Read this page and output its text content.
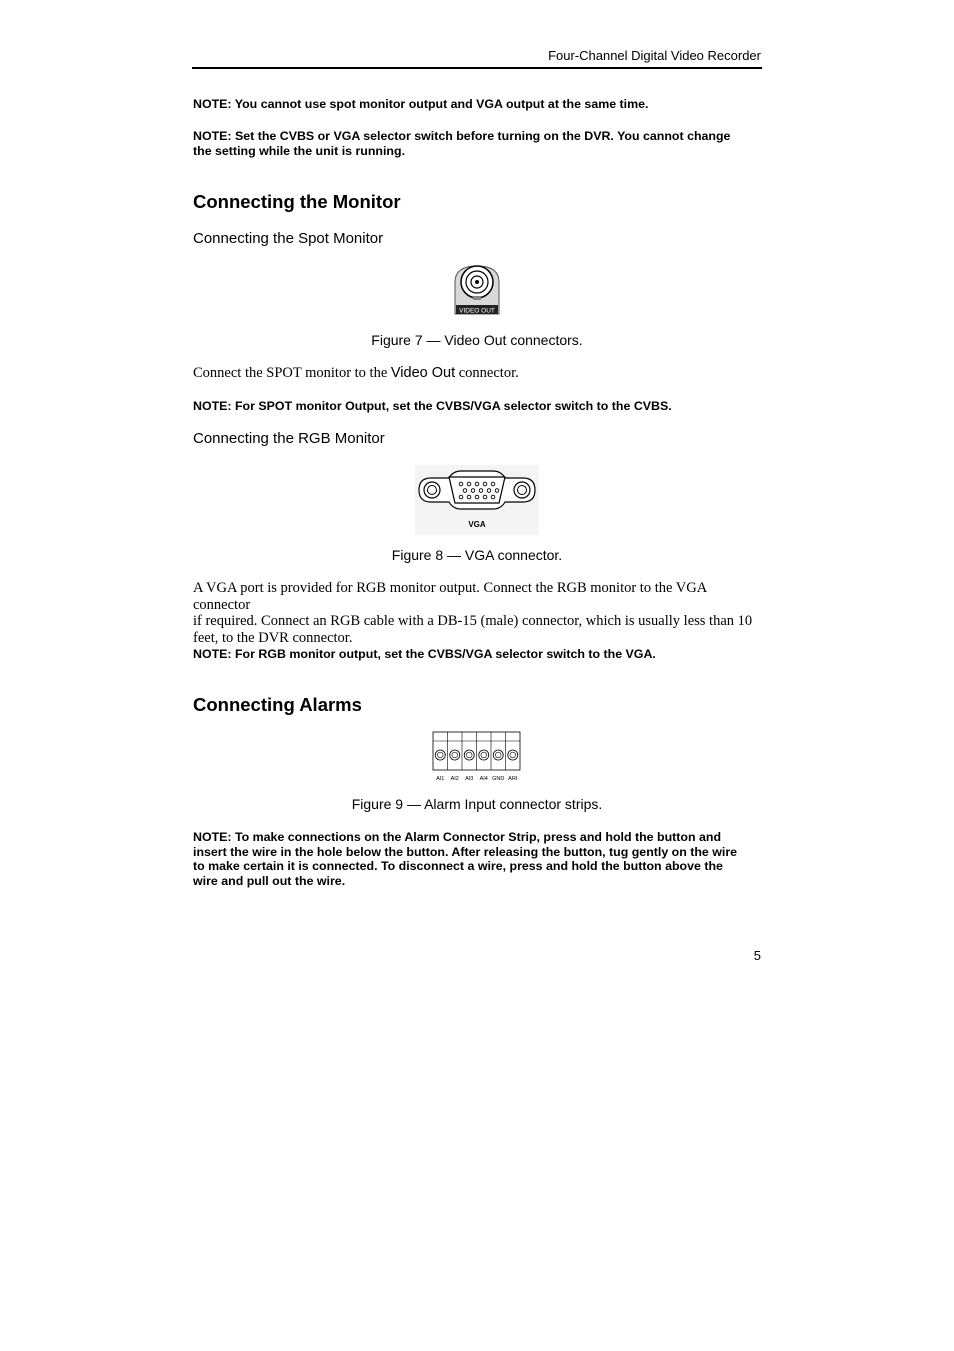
Four-Channel Digital Video Recorder
NOTE: You cannot use spot monitor output and VGA output at the same time.
NOTE: Set the CVBS or VGA selector switch before turning on the DVR. You cannot change
the setting while the unit is running.
Connecting the Monitor
Connecting the Spot Monitor
VIDEO OUT
Figure 7 — Video Out connectors.
Connect the SPOT monitor to the Video Out connector.
NOTE: For SPOT monitor Output, set the CVBS/VGA selector switch to the CVBS.
Connecting the RGB Monitor
VGA
Figure 8 — VGA connector.
A VGA port is provided for RGB monitor output. Connect the RGB monitor to the VGA connector
if required. Connect an RGB cable with a DB-15 (male) connector, which is usually less than 10
feet, to the DVR connector.
NOTE: For RGB monitor output, set the CVBS/VGA selector switch to the VGA.
Connecting Alarms
AI1 AI2 AI3 AI4 GND ARI
Figure 9 — Alarm Input connector strips.
NOTE: To make connections on the Alarm Connector Strip, press and hold the button and
insert the wire in the hole below the button. After releasing the button, tug gently on the wire
to make certain it is connected. To disconnect a wire, press and hold the button above the
wire and pull out the wire.
5
